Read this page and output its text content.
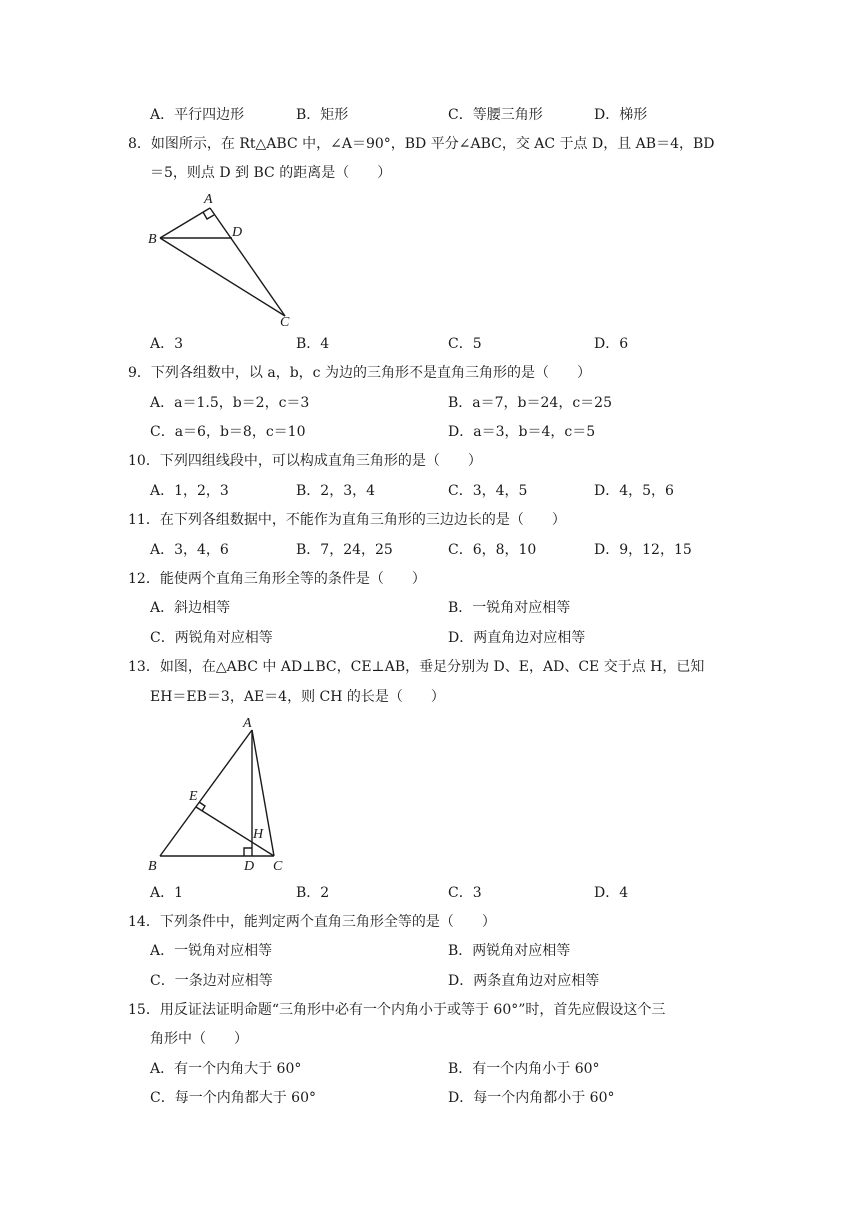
A．平行四边形	B．矩形	C．等腰三角形	D．梯形
8．如图所示，在 Rt△ABC 中，∠A＝90°，BD 平分∠ABC，交 AC 于点 D，且 AB＝4，BD
＝5，则点 D 到 BC 的距离是（　　）
A
B	D
C
A．3	B．4	C．5	D．6
9．下列各组数中，以 a，b，c 为边的三角形不是直角三角形的是（　　）
A．a＝1.5，b＝2，c＝3	B．a＝7，b＝24，c＝25
C．a＝6，b＝8，c＝10	D．a＝3，b＝4，c＝5
10．下列四组线段中，可以构成直角三角形的是（　　）
A．1，2，3	B．2，3，4	C．3，4，5	D．4，5，6
11．在下列各组数据中，不能作为直角三角形的三边边长的是（　　）
A．3，4，6	B．7，24，25	C．6，8，10	D．9，12，15
12．能使两个直角三角形全等的条件是（　　）
A．斜边相等	B．一锐角对应相等
C．两锐角对应相等	D．两直角边对应相等
13．如图，在△ABC 中 AD⊥BC，CE⊥AB，垂足分别为 D、E，AD、CE 交于点 H，已知
EH＝EB＝3，AE＝4，则 CH 的长是（　　）
A
E
H
B	D C
A．1	B．2	C．3	D．4
14．下列条件中，能判定两个直角三角形全等的是（　　）
A．一锐角对应相等	B．两锐角对应相等
C．一条边对应相等	D．两条直角边对应相等
15．用反证法证明命题“三角形中必有一个内角小于或等于 60°”时，首先应假设这个三
角形中（　　）
A．有一个内角大于 60°	B．有一个内角小于 60°
C．每一个内角都大于 60°	D．每一个内角都小于 60°
